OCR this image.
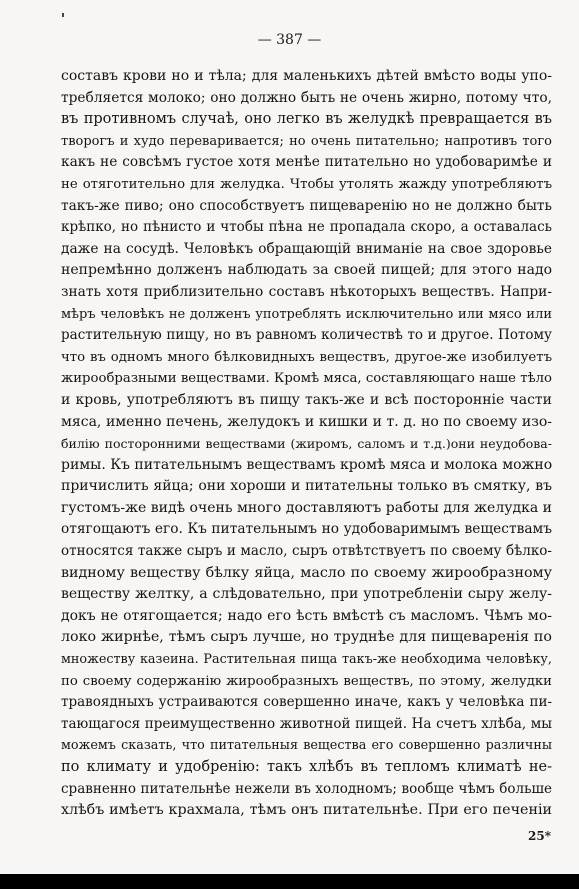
— 387 —
составъ крови но и тѣла; для маленькихъ дѣтей вмѣсто воды упо-
требляется молоко; оно должно быть не очень жирно, потому что,
въ противномъ случаѣ, оно легко въ желудкѣ превращается въ
творогъ и худо переваривается; но очень питательно; напротивъ того
какъ не совсѣмъ густое хотя менѣе питательно но удобоваримѣе и
не отяготительно для желудка. Чтобы утолять жажду употребляютъ
такъ-же пиво; оно способствуетъ пищеваренію но не должно быть
крѣпко, но пѣнисто и чтобы пѣна не пропадала скоро, а оставалась
даже на сосудѣ. Человѣкъ обращающій вниманіе на свое здоровье
непремѣнно долженъ наблюдать за своей пищей; для этого надо
знать хотя приблизительно составъ нѣкоторыхъ веществъ. Напри-
мѣръ человѣкъ не долженъ употреблять исключительно или мясо или
растительную пищу, но въ равномъ количествѣ то и другое. Потому
что въ одномъ много бѣлковидныхъ веществъ, другое-же изобилуетъ
жирообразными веществами. Кромѣ мяса, составляющаго наше тѣло
и кровь, употребляютъ въ пищу такъ-же и всѣ посторонніе части
мяса, именно печень, желудокъ и кишки и т. д. но по своему изо-
билію посторонними веществами (жиромъ, саломъ и т.д.)они неудобова-
римы. Къ питательнымъ веществамъ кромѣ мяса и молока можно
причислить яйца; они хороши и питательны только въ смятку, въ
густомъ-же видѣ очень много доставляютъ работы для желудка и
отягощаютъ его. Къ питательнымъ но удобоваримымъ веществамъ
относятся также сыръ и масло, сыръ отвѣтствуетъ по своему бѣлко-
видному веществу бѣлку яйца, масло по своему жирообразному
веществу желтку, а слѣдовательно, при употребленіи сыру желу-
докъ не отягощается; надо его ѣсть вмѣстѣ съ масломъ. Чѣмъ мо-
локо жирнѣе, тѣмъ сыръ лучше, но труднѣе для пищеваренія по
множеству казеина. Растительная пища такъ-же необходима человѣку,
по своему содержанію жирообразныхъ веществъ, по этому, желудки
травоядныхъ устраиваются совершенно иначе, какъ у человѣка пи-
тающагося преимущественно животной пищей. На счетъ хлѣба, мы
можемъ сказать, что питательныя вещества его совершенно различны
по климату и удобренію: такъ хлѣбъ въ тепломъ климатѣ не-
сравненно питательнѣе нежели въ холодномъ; вообще чѣмъ больше
хлѣбъ имѣетъ крахмала, тѣмъ онъ питательнѣе. При его печеніи
25*
